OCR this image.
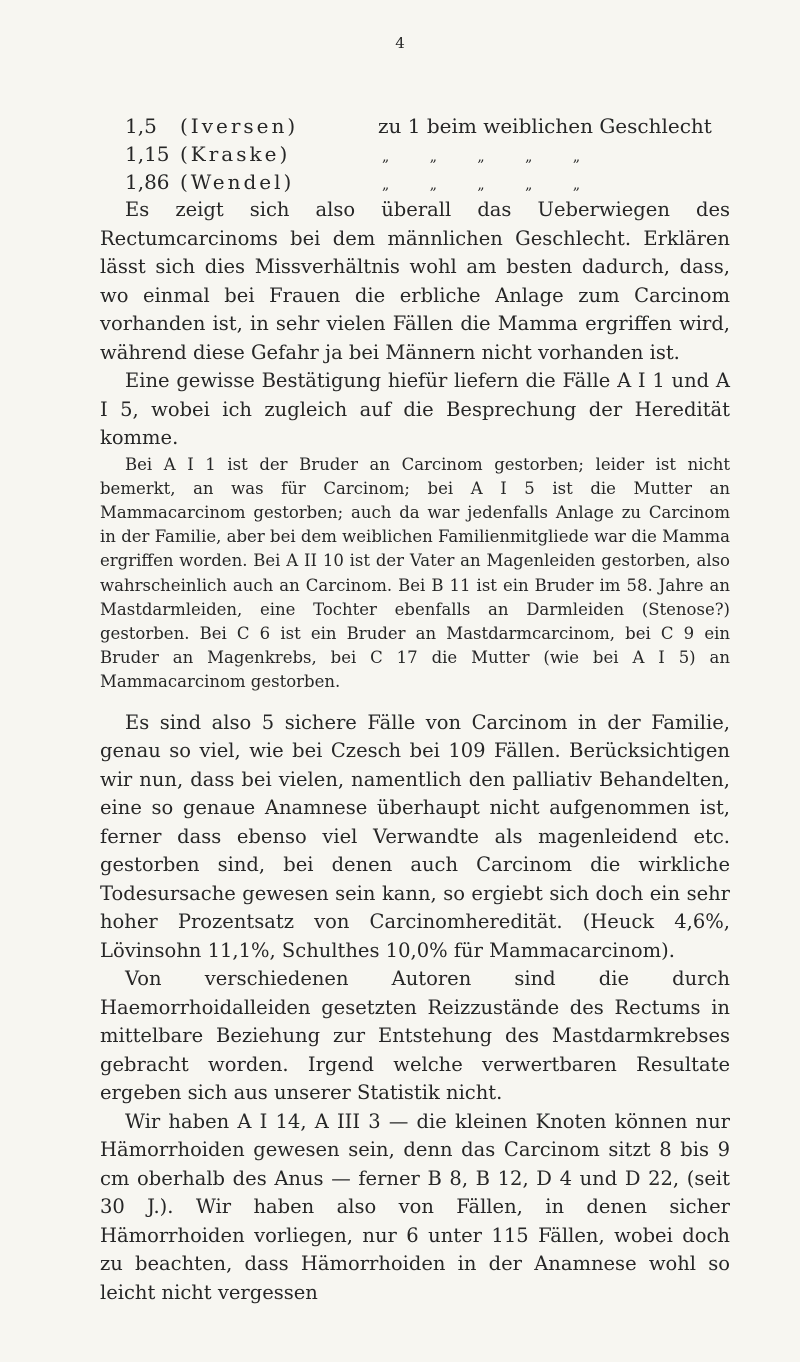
4
1,5 (Iversen)	zu 1 beim weiblichen Geschlecht
1,15 (Kraske)	„ „ „ „ „
1,86 (Wendel)	„ „ „ „ „

Es zeigt sich also überall das Ueberwiegen des Rectumcarcinoms bei dem männlichen Geschlecht. Erklären lässt sich dies Missverhältnis wohl am besten dadurch, dass, wo einmal bei Frauen die erbliche Anlage zum Carcinom vorhanden ist, in sehr vielen Fällen die Mamma ergriffen wird, während diese Gefahr ja bei Männern nicht vorhanden ist.

Eine gewisse Bestätigung hiefür liefern die Fälle A I 1 und A I 5, wobei ich zugleich auf die Besprechung der Heredität komme.

Bei A I 1 ist der Bruder an Carcinom gestorben; leider ist nicht bemerkt, an was für Carcinom; bei A I 5 ist die Mutter an Mammacarcinom gestorben; auch da war jedenfalls Anlage zu Carcinom in der Familie, aber bei dem weiblichen Familienmitgliede war die Mamma ergriffen worden. Bei A II 10 ist der Vater an Magenleiden gestorben, also wahrscheinlich auch an Carcinom. Bei B 11 ist ein Bruder im 58. Jahre an Mastdarmleiden, eine Tochter ebenfalls an Darmleiden (Stenose?) gestorben. Bei C 6 ist ein Bruder an Mastdarmcarcinom, bei C 9 ein Bruder an Magenkrebs, bei C 17 die Mutter (wie bei A I 5) an Mammacarcinom gestorben.

Es sind also 5 sichere Fälle von Carcinom in der Familie, genau so viel, wie bei Czesch bei 109 Fällen. Berücksichtigen wir nun, dass bei vielen, namentlich den palliativ Behandelten, eine so genaue Anamnese überhaupt nicht aufgenommen ist, ferner dass ebenso viel Verwandte als magenleidend etc. gestorben sind, bei denen auch Carcinom die wirkliche Todesursache gewesen sein kann, so ergiebt sich doch ein sehr hoher Prozentsatz von Carcinomheredität. (Heuck 4,6%, Lövinsohn 11,1%, Schulthes 10,0% für Mammacarcinom).

Von verschiedenen Autoren sind die durch Haemorrhoidalleiden gesetzten Reizzustände des Rectums in mittelbare Beziehung zur Entstehung des Mastdarmkrebses gebracht worden. Irgend welche verwertbaren Resultate ergeben sich aus unserer Statistik nicht.

Wir haben A I 14, A III 3 — die kleinen Knoten können nur Hämorrhoiden gewesen sein, denn das Carcinom sitzt 8 bis 9 cm oberhalb des Anus — ferner B 8, B 12, D 4 und D 22, (seit 30 J.). Wir haben also von Fällen, in denen sicher Hämorrhoiden vorliegen, nur 6 unter 115 Fällen, wobei doch zu beachten, dass Hämorrhoiden in der Anamnese wohl so leicht nicht vergessen
